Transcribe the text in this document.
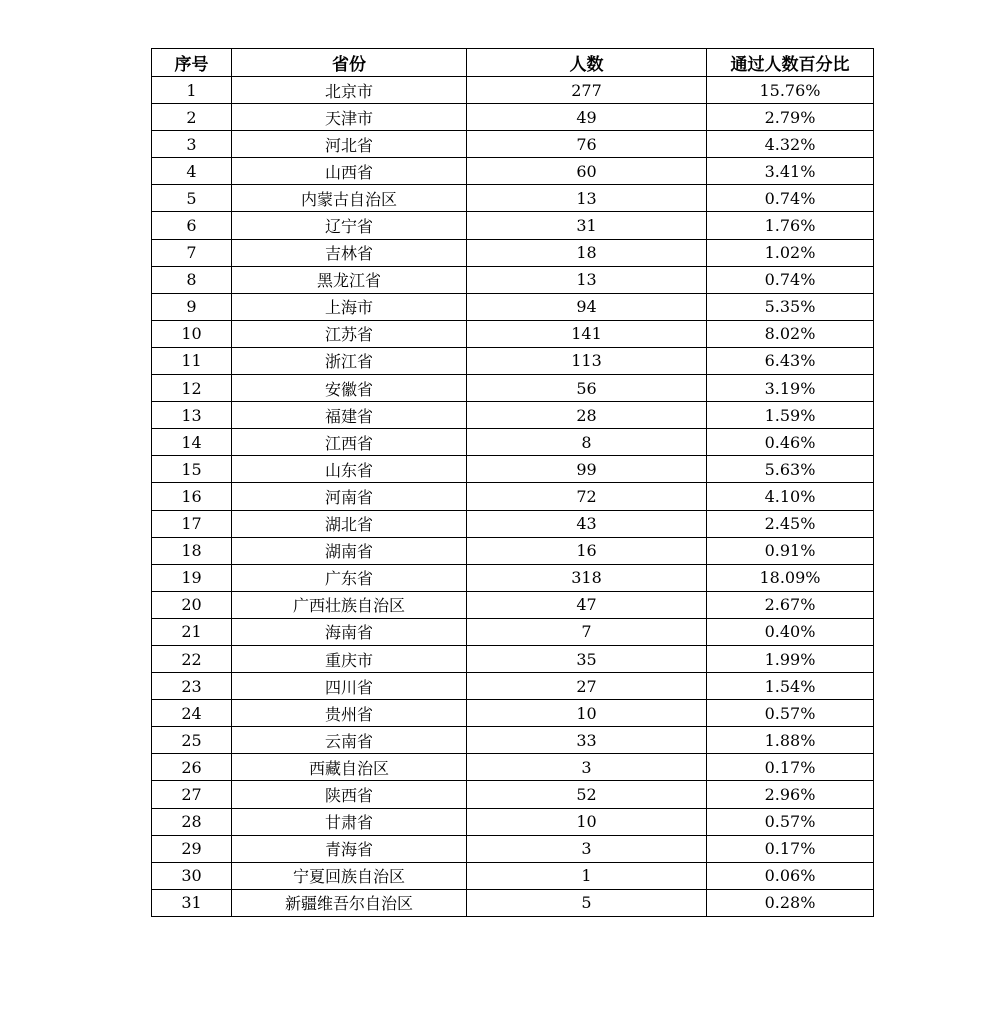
序号	省份	人数	通过人数百分比
1	北京市	277	15.76%
2	天津市	49	2.79%
3	河北省	76	4.32%
4	山西省	60	3.41%
5	内蒙古自治区	13	0.74%
6	辽宁省	31	1.76%
7	吉林省	18	1.02%
8	黑龙江省	13	0.74%
9	上海市	94	5.35%
10	江苏省	141	8.02%
11	浙江省	113	6.43%
12	安徽省	56	3.19%
13	福建省	28	1.59%
14	江西省	8	0.46%
15	山东省	99	5.63%
16	河南省	72	4.10%
17	湖北省	43	2.45%
18	湖南省	16	0.91%
19	广东省	318	18.09%
20	广西壮族自治区	47	2.67%
21	海南省	7	0.40%
22	重庆市	35	1.99%
23	四川省	27	1.54%
24	贵州省	10	0.57%
25	云南省	33	1.88%
26	西藏自治区	3	0.17%
27	陕西省	52	2.96%
28	甘肃省	10	0.57%
29	青海省	3	0.17%
30	宁夏回族自治区	1	0.06%
31	新疆维吾尔自治区	5	0.28%
